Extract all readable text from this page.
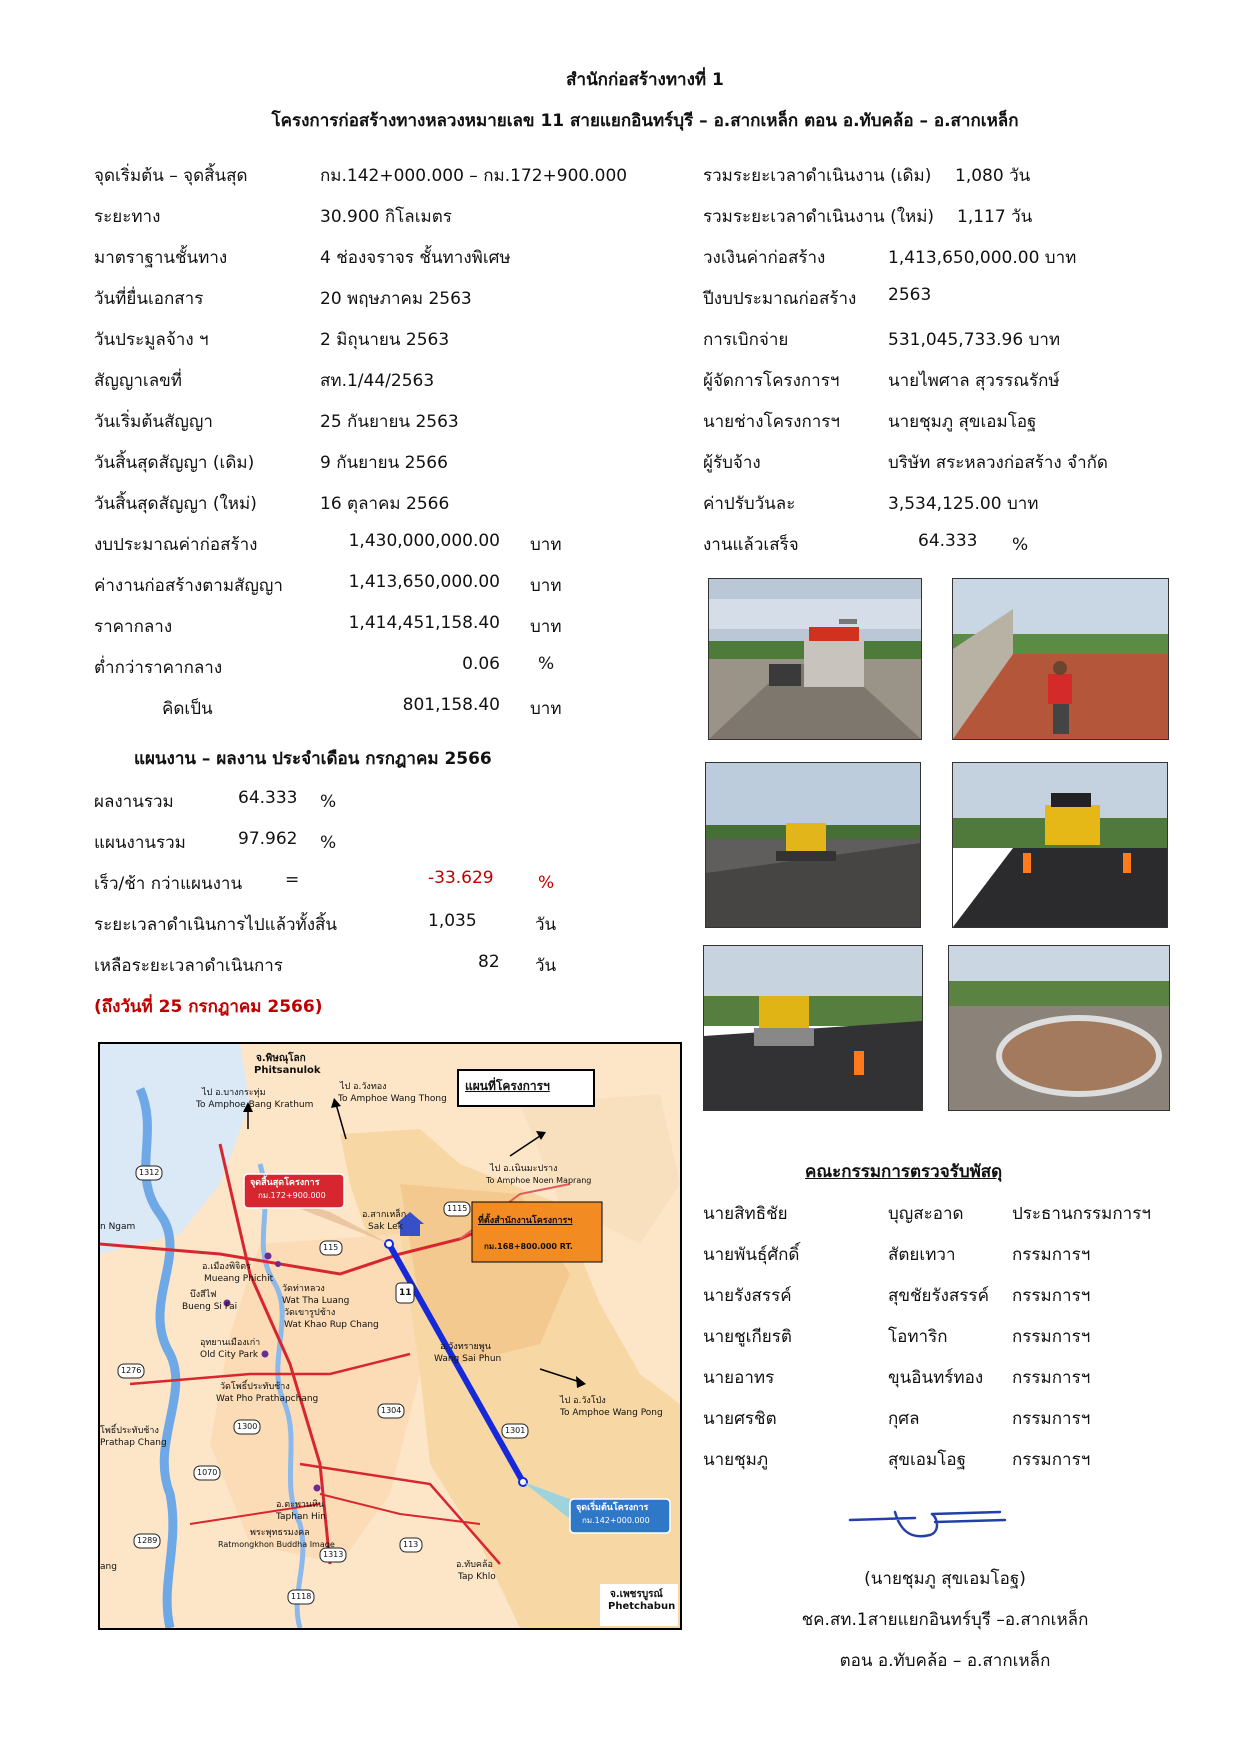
สำนักก่อสร้างทางที่ 1
โครงการก่อสร้างทางหลวงหมายเลข 11 สายแยกอินทร์บุรี – อ.สากเหล็ก ตอน อ.ทับคล้อ – อ.สากเหล็ก
จุดเริ่มต้น – จุดสิ้นสุด	กม.142+000.000 – กม.172+900.000
ระยะทาง	30.900 กิโลเมตร
มาตราฐานชั้นทาง	4 ช่องจราจร ชั้นทางพิเศษ
วันที่ยื่นเอกสาร	20 พฤษภาคม 2563
วันประมูลจ้าง ฯ	2 มิถุนายน 2563
สัญญาเลขที่	สท.1/44/2563
วันเริ่มต้นสัญญา	25 กันยายน 2563
วันสิ้นสุดสัญญา (เดิม)	9 กันยายน 2566
วันสิ้นสุดสัญญา (ใหม่)	16 ตุลาคม 2566
งบประมาณค่าก่อสร้าง	1,430,000,000.00 บาท
ค่างานก่อสร้างตามสัญญา	1,413,650,000.00 บาท
ราคากลาง	1,414,451,158.40 บาท
ต่ำกว่าราคากลาง	0.06 %
คิดเป็น	801,158.40 บาท
รวมระยะเวลาดำเนินงาน (เดิม) 1,080 วัน
รวมระยะเวลาดำเนินงาน (ใหม่) 1,117 วัน
วงเงินค่าก่อสร้าง	1,413,650,000.00 บาท
ปีงบประมาณก่อสร้าง 2563
การเบิกจ่าย	531,045,733.96 บาท
ผู้จัดการโครงการฯ	นายไพศาล สุวรรณรักษ์
นายช่างโครงการฯ	นายชุมภู สุขเอมโอฐ
ผู้รับจ้าง	บริษัท สระหลวงก่อสร้าง จำกัด
ค่าปรับวันละ	3,534,125.00 บาท
งานแล้วเสร็จ	64.333 %
แผนงาน – ผลงาน ประจำเดือน กรกฎาคม 2566
ผลงานรวม	64.333 %
แผนงานรวม	97.962 %
เร็ว/ช้า กว่าแผนงาน	=	-33.629	%
ระยะเวลาดำเนินการไปแล้วทั้งสิ้น	1,035	วัน
เหลือระยะเวลาดำเนินการ	82 วัน
(ถึงวันที่ 25 กรกฎาคม 2566)
แผนที่โครงการฯ
จ.พิษณุโลก
Phitsanulok
ไป อ.บางกระทุ่ม
To Amphoe Bang Krathum
ไป อ.วังทอง
To Amphoe Wang Thong
ไป อ.เนินมะปราง
To Amphoe Noen Maprang
จุดสิ้นสุดโครงการ
กม.172+900.000
ที่ตั้งสำนักงานโครงการฯ
กม.168+800.000 RT.
อ.สากเหล็ก
Sak Lek
อ.เมืองพิจิตร
Mueang Phichit
บึงสีไฟ
Bueng Si Fai
วัดท่าหลวง
Wat Tha Luang
วัดเขารูปช้าง
Wat Khao Rup Chang
อุทยานเมืองเก่า
Old City Park
อ.วังทรายพูน
Wang Sai Phun
วัดโพธิ์ประทับช้าง
Wat Pho Prathapchang
โพธิ์ประทับช้าง
Prathap Chang
ไป อ.วังโป่ง
To Amphoe Wang Pong
อ.ตะพานหิน
Taphan Hin
พระพุทธรมงคล
Ratmongkhon Buddha Image
อ.ทับคล้อ
Tap Khlo
จุดเริ่มต้นโครงการ
กม.142+000.000
จ.เพชรบูรณ์
Phetchabun
n Ngam
ang
1312
1115
115
11
1276
1304
1300	1301
1070
1289	113
1313
1118
คณะกรรมการตรวจรับพัสดุ
นายสิทธิชัย	บุญสะอาด	ประธานกรรมการฯ
นายพันธุ์ศักดิ์	สัตยเทวา	กรรมการฯ
นายรังสรรค์	สุขชัยรังสรรค์ กรรมการฯ
นายชูเกียรติ	โอทาริก	กรรมการฯ
นายอาทร	ขุนอินทร์ทอง กรรมการฯ
นายศรชิต	กุศล	กรรมการฯ
นายชุมภู	สุขเอมโอฐ	กรรมการฯ
(นายชุมภู สุขเอมโอฐ)
ชค.สท.1สายแยกอินทร์บุรี –อ.สากเหล็ก
ตอน อ.ทับคล้อ – อ.สากเหล็ก
